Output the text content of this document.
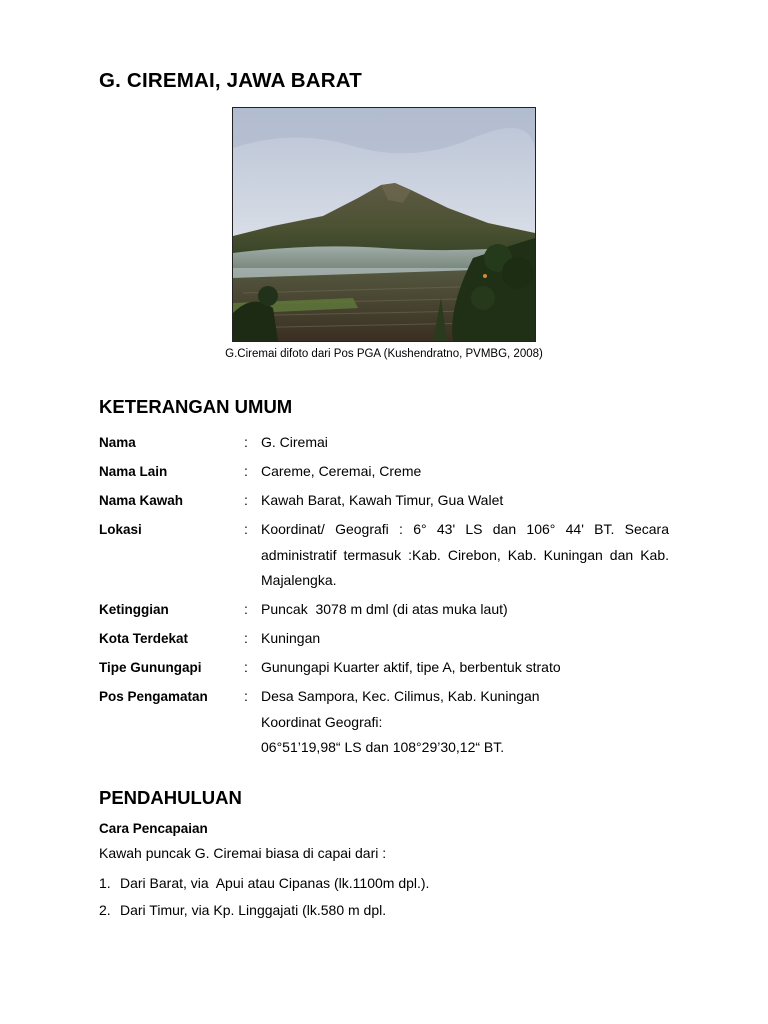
G. CIREMAI, JAWA BARAT
G.Ciremai difoto dari Pos PGA (Kushendratno, PVMBG, 2008)
KETERANGAN UMUM
Nama	: G. Ciremai
Nama Lain	: Careme, Ceremai, Creme
Nama Kawah	: Kawah Barat, Kawah Timur, Gua Walet
Lokasi	: Koordinat/ Geografi : 6° 43' LS dan 106° 44' BT. Secara administratif termasuk :Kab. Cirebon, Kab. Kuningan dan Kab. Majalengka.
Ketinggian	: Puncak  3078 m dml (di atas muka laut)
Kota Terdekat	: Kuningan
Tipe Gunungapi	: Gunungapi Kuarter aktif, tipe A, berbentuk strato
Pos Pengamatan	: Desa Sampora, Kec. Cilimus, Kab. Kuningan
Koordinat Geografi:
06°51’19,98“ LS dan 108°29’30,12“ BT.
PENDAHULUAN
Cara Pencapaian
Kawah puncak G. Ciremai biasa di capai dari :
1. Dari Barat, via  Apui atau Cipanas (lk.1100m dpl.).
2. Dari Timur, via Kp. Linggajati (lk.580 m dpl.
